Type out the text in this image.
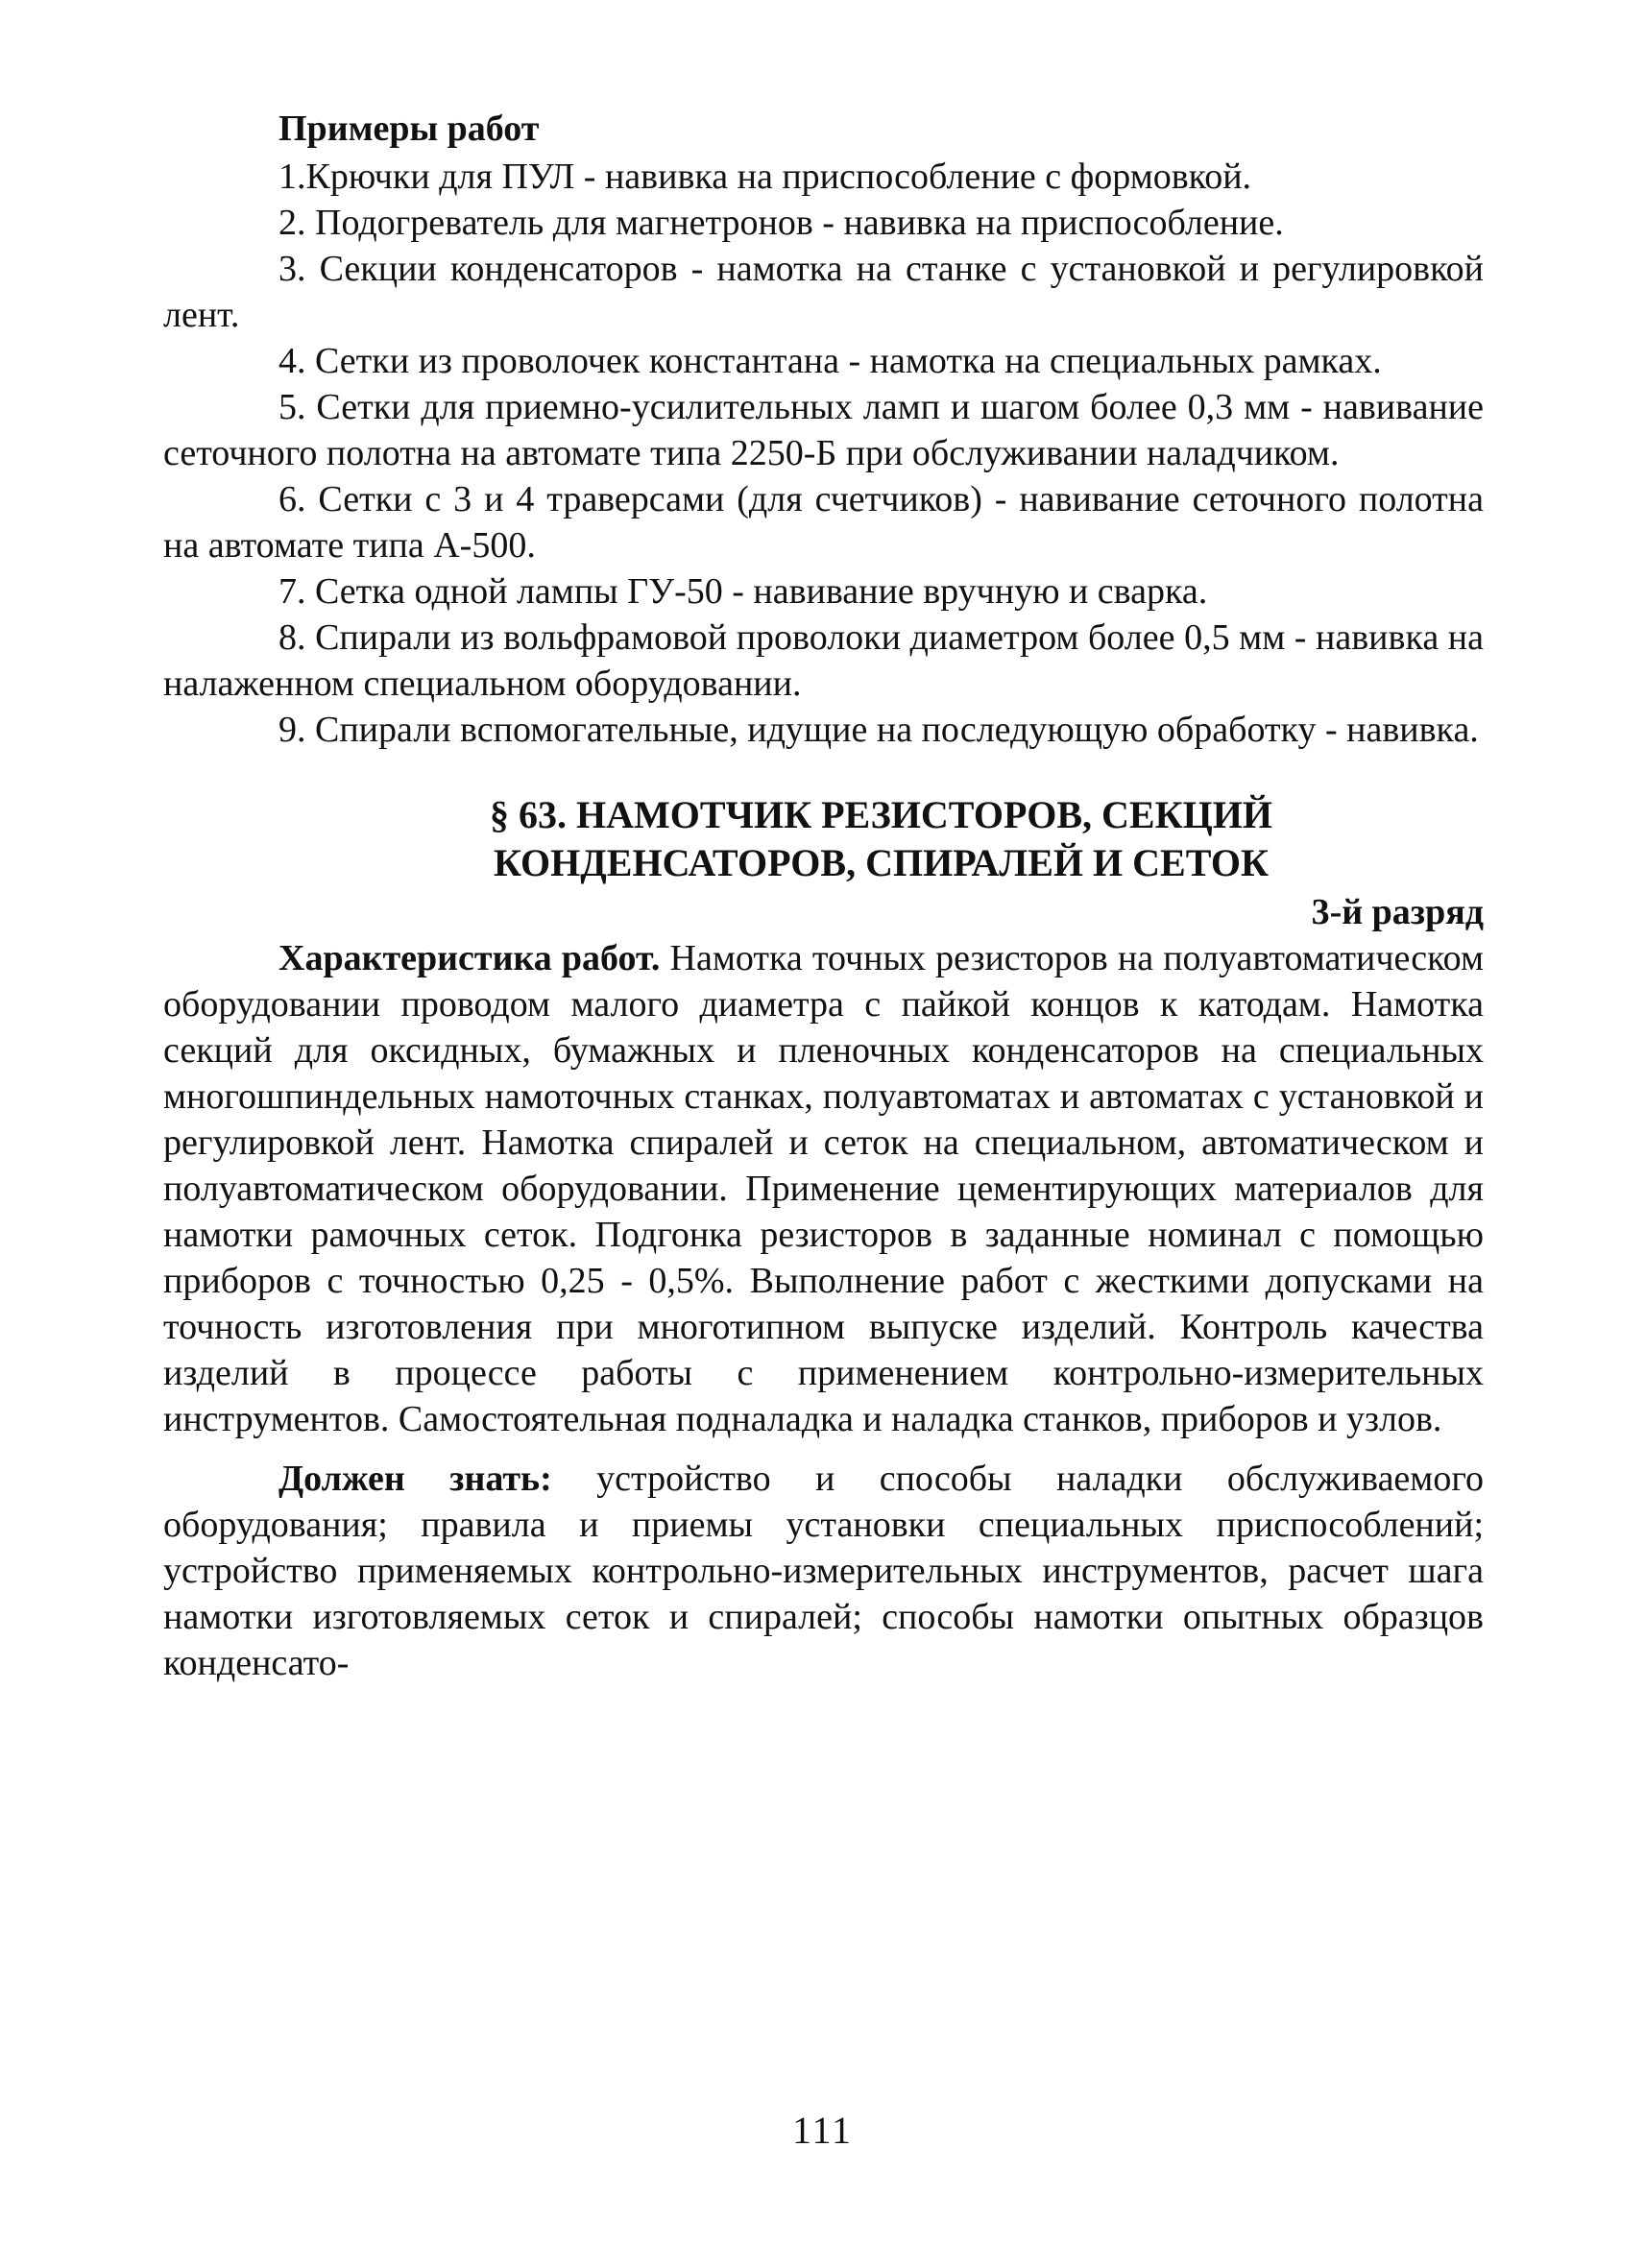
Примеры работ

1.Крючки для ПУЛ - навивка на приспособление с формовкой.

2. Подогреватель для магнетронов - навивка на приспособление.

3. Секции конденсаторов - намотка на станке с установкой и регулировкой лент.

4. Сетки из проволочек константана - намотка на специальных рамках.

5. Сетки для приемно-усилительных ламп и шагом более 0,3 мм - навивание сеточного полотна на автомате типа 2250-Б при обслуживании наладчиком.

6. Сетки с 3 и 4 траверсами (для счетчиков) - навивание сеточного полотна на автомате типа А-500.

7. Сетка одной лампы ГУ-50 - навивание вручную и сварка.

8. Спирали из вольфрамовой проволоки диаметром более 0,5 мм - навивка на налаженном специальном оборудовании.

9. Спирали вспомогательные, идущие на последующую обработку - навивка.

§ 63. НАМОТЧИК РЕЗИСТОРОВ, СЕКЦИЙ
КОНДЕНСАТОРОВ, СПИРАЛЕЙ И СЕТОК
3-й разряд

Характеристика работ. Намотка точных резисторов на полуавтоматическом оборудовании проводом малого диаметра с пайкой концов к катодам. Намотка секций для оксидных, бумажных и пленочных конденсаторов на специальных многошпиндельных намоточных станках, полуавтоматах и автоматах с установкой и регулировкой лент. Намотка спиралей и сеток на специальном, автоматическом и полуавтоматическом оборудовании. Применение цементирующих материалов для намотки рамочных сеток. Подгонка резисторов в заданные номинал с помощью приборов с точностью 0,25 - 0,5%. Выполнение работ с жесткими допусками на точность изготовления при многотипном выпуске изделий. Контроль качества изделий в процессе работы с применением контрольно-измерительных инструментов. Самостоятельная подналадка и наладка станков, приборов и узлов.

Должен знать: устройство и способы наладки обслуживаемого оборудования; правила и приемы установки специальных приспособлений; устройство применяемых контрольно-измерительных инструментов, расчет шага намотки изготовляемых сеток и спиралей; способы намотки опытных образцов конденсато-

111
